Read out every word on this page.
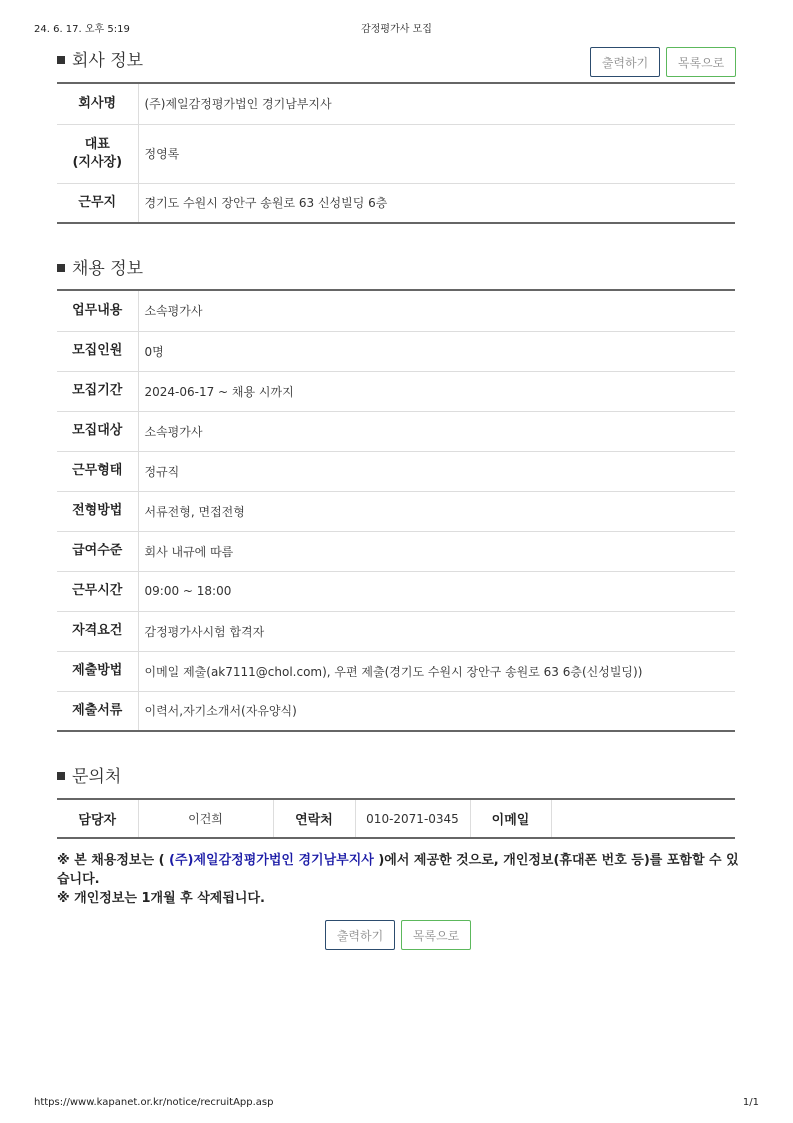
24. 6. 17. 오후 5:19	감정평가사 모집
회사 정보	출력하기 목록으로
회사명	(주)제일감정평가법인 경기남부지사
대표
(지사장)	정영록
근무지	경기도 수원시 장안구 송원로 63 신성빌딩 6층
채용 정보
업무내용	소속평가사
모집인원	0명
모집기간	2024-06-17 ~ 채용 시까지
모집대상	소속평가사
근무형태	정규직
전형방법	서류전형, 면접전형
급여수준	회사 내규에 따름
근무시간	09:00 ~ 18:00
자격요건	감정평가사시험 합격자
제출방법	이메일 제출(ak7111@chol.com), 우편 제출(경기도 수원시 장안구 송원로 63 6층(신성빌딩))
제출서류	이력서,자기소개서(자유양식)
문의처
담당자	이건희	연락처	010-2071-0345	이메일	
※ 본 채용정보는 ( (주)제일감정평가법인 경기남부지사 )에서 제공한 것으로, 개인정보(휴대폰 번호 등)를 포함할 수 있습니다.
※ 개인정보는 1개월 후 삭제됩니다.
출력하기 목록으로
https://www.kapanet.or.kr/notice/recruitApp.asp	1/1
